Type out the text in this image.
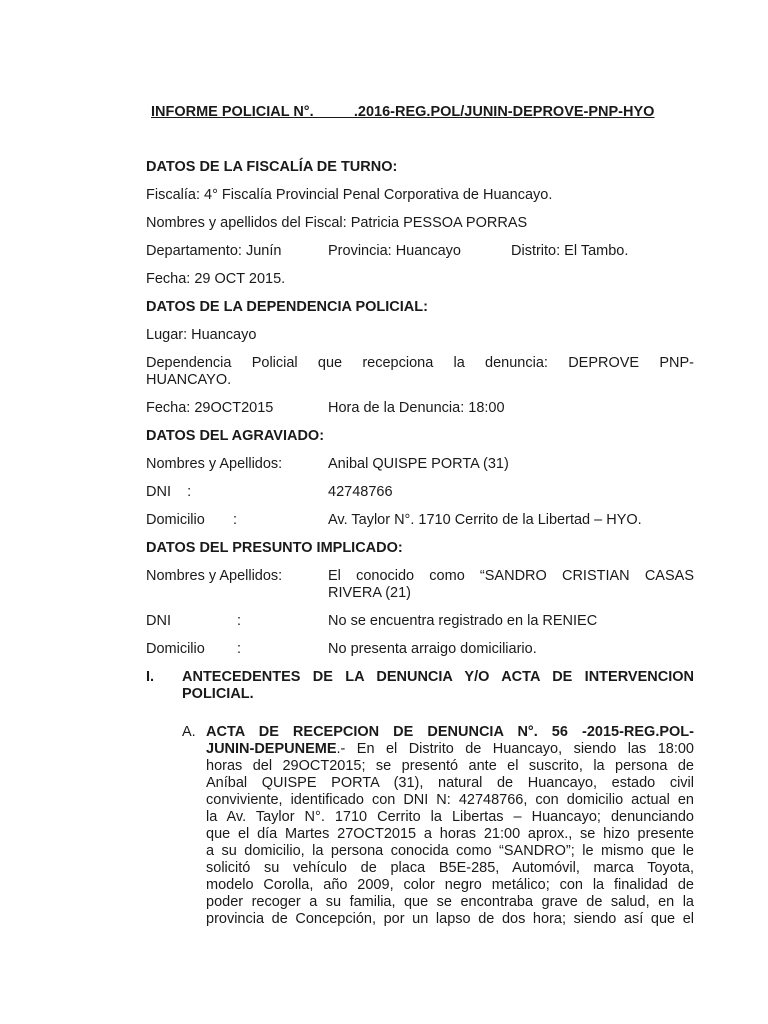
INFORME POLICIAL N°.          .2016-REG.POL/JUNIN-DEPROVE-PNP-HYO
DATOS DE LA FISCALÍA DE TURNO:
Fiscalía: 4° Fiscalía Provincial Penal Corporativa de Huancayo.
Nombres y apellidos del Fiscal: Patricia PESSOA PORRAS
Departamento: Junín	Provincia: Huancayo	Distrito: El Tambo.
Fecha: 29 OCT 2015.
DATOS DE LA DEPENDENCIA POLICIAL:
Lugar: Huancayo
Dependencia Policial que recepciona la denuncia: DEPROVE PNP-
HUANCAYO.
Fecha: 29OCT2015	Hora de la Denuncia: 18:00
DATOS DEL AGRAVIADO:
Nombres y Apellidos:	Anibal QUISPE PORTA (31)
DNI    :	42748766
Domicilio       :	Av. Taylor N°. 1710 Cerrito de la Libertad – HYO.
DATOS DEL PRESUNTO IMPLICADO:
Nombres y Apellidos:	El conocido como “SANDRO CRISTIAN CASAS
RIVERA (21)
DNI	:	No se encuentra registrado en la RENIEC
Domicilio :	No presenta arraigo domiciliario.
I. ANTECEDENTES DE LA DENUNCIA Y/O ACTA DE INTERVENCION
POLICIAL.
A. ACTA DE RECEPCION DE DENUNCIA N°. 56 -2015-REG.POL-
JUNIN-DEPUNEME.- En el Distrito de Huancayo, siendo las 18:00
horas del 29OCT2015; se presentó ante el suscrito, la persona de
Aníbal QUISPE PORTA (31), natural de Huancayo, estado civil
conviviente, identificado con DNI N: 42748766, con domicilio actual en
la Av. Taylor N°. 1710 Cerrito la Libertas – Huancayo; denunciando
que el día Martes 27OCT2015 a horas 21:00 aprox., se hizo presente
a su domicilio, la persona conocida como “SANDRO”; le mismo que le
solicitó su vehículo de placa B5E-285, Automóvil, marca Toyota,
modelo Corolla, año 2009, color negro metálico; con la finalidad de
poder recoger a su familia, que se encontraba grave de salud, en la
provincia de Concepción, por un lapso de dos hora; siendo así que el
